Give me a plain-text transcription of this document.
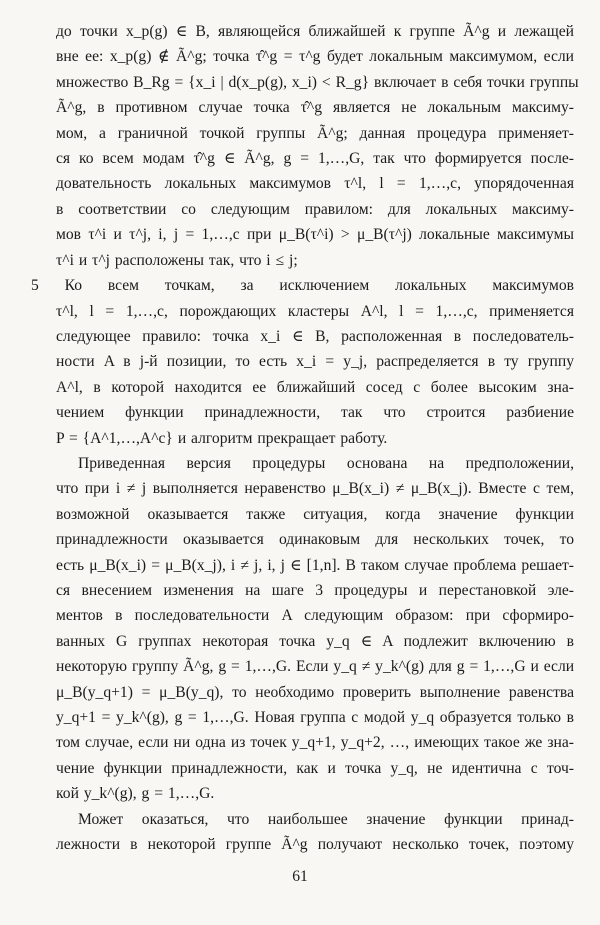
до точки x_p(g) ∈ B, являющейся ближайшей к группе Ã^g и лежащей
вне ее: x_p(g) ∉ Ã^g; точка τ̂^g = τ^g будет локальным максимумом, если
множество B_Rg = {x_i | d(x_p(g), x_i) < R_g} включает в себя точки группы
Ã^g, в противном случае точка τ̂^g является не локальным максиму-
мом, а граничной точкой группы Ã^g; данная процедура применяет-
ся ко всем модам τ̂^g ∈ Ã^g, g = 1,…,G, так что формируется после-
довательность локальных максимумов τ^l, l = 1,…,c, упорядоченная
в соответствии со следующим правилом: для локальных максиму-
мов τ^i и τ^j, i, j = 1,…,c при μ_B(τ^i) > μ_B(τ^j) локальные максимумы
τ^i и τ^j расположены так, что i ≤ j;
5 Ко всем точкам, за исключением локальных максимумов
τ^l, l = 1,…,c, порождающих кластеры A^l, l = 1,…,c, применяется
следующее правило: точка x_i ∈ B, расположенная в последователь-
ности A в j-й позиции, то есть x_i = y_j, распределяется в ту группу
A^l, в которой находится ее ближайший сосед с более высоким зна-
чением функции принадлежности, так что строится разбиение
P = {A^1,…,A^c} и алгоритм прекращает работу.
Приведенная версия процедуры основана на предположении,
что при i ≠ j выполняется неравенство μ_B(x_i) ≠ μ_B(x_j). Вместе с тем,
возможной оказывается также ситуация, когда значение функции
принадлежности оказывается одинаковым для нескольких точек, то
есть μ_B(x_i) = μ_B(x_j), i ≠ j, i, j ∈ [1,n]. В таком случае проблема решает-
ся внесением изменения на шаге 3 процедуры и перестановкой эле-
ментов в последовательности A следующим образом: при сформиро-
ванных G группах некоторая точка y_q ∈ A подлежит включению в
некоторую группу Ã^g, g = 1,…,G. Если y_q ≠ y_k^(g) для g = 1,…,G и если
μ_B(y_q+1) = μ_B(y_q), то необходимо проверить выполнение равенства
y_q+1 = y_k^(g), g = 1,…,G. Новая группа с модой y_q образуется только в
том случае, если ни одна из точек y_q+1, y_q+2, …, имеющих такое же зна-
чение функции принадлежности, как и точка y_q, не идентична с точ-
кой y_k^(g), g = 1,…,G.
Может оказаться, что наибольшее значение функции принад-
лежности в некоторой группе Ã^g получают несколько точек, поэтому
61
